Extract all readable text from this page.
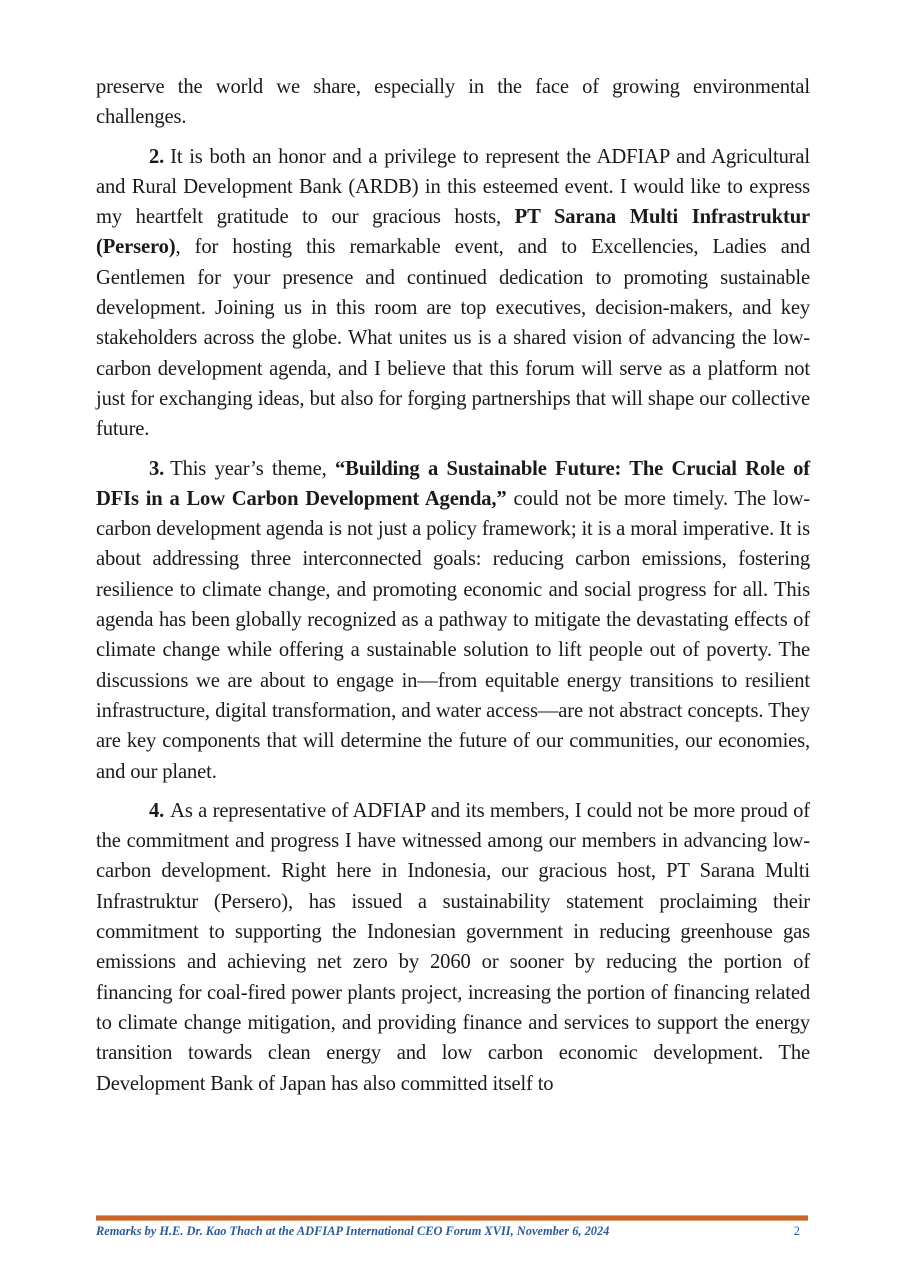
preserve the world we share, especially in the face of growing environmental challenges.

2. It is both an honor and a privilege to represent the ADFIAP and Agricultural and Rural Development Bank (ARDB) in this esteemed event. I would like to express my heartfelt gratitude to our gracious hosts, PT Sarana Multi Infrastruktur (Persero), for hosting this remarkable event, and to Excellencies, Ladies and Gentlemen for your presence and continued dedication to promoting sustainable development. Joining us in this room are top executives, decision-makers, and key stakeholders across the globe. What unites us is a shared vision of advancing the low-carbon development agenda, and I believe that this forum will serve as a platform not just for exchanging ideas, but also for forging partnerships that will shape our collective future.

3. This year’s theme, “Building a Sustainable Future: The Crucial Role of DFIs in a Low Carbon Development Agenda,” could not be more timely. The low-carbon development agenda is not just a policy framework; it is a moral imperative. It is about addressing three interconnected goals: reducing carbon emissions, fostering resilience to climate change, and promoting economic and social progress for all. This agenda has been globally recognized as a pathway to mitigate the devastating effects of climate change while offering a sustainable solution to lift people out of poverty. The discussions we are about to engage in—from equitable energy transitions to resilient infrastructure, digital transformation, and water access—are not abstract concepts. They are key components that will determine the future of our communities, our economies, and our planet.

4. As a representative of ADFIAP and its members, I could not be more proud of the commitment and progress I have witnessed among our members in advancing low-carbon development. Right here in Indonesia, our gracious host, PT Sarana Multi Infrastruktur (Persero), has issued a sustainability statement proclaiming their commitment to supporting the Indonesian government in reducing greenhouse gas emissions and achieving net zero by 2060 or sooner by reducing the portion of financing for coal-fired power plants project, increasing the portion of financing related to climate change mitigation, and providing finance and services to support the energy transition towards clean energy and low carbon economic development. The Development Bank of Japan has also committed itself to

Remarks by H.E. Dr. Kao Thach at the ADFIAP International CEO Forum XVII, November 6, 2024	2
